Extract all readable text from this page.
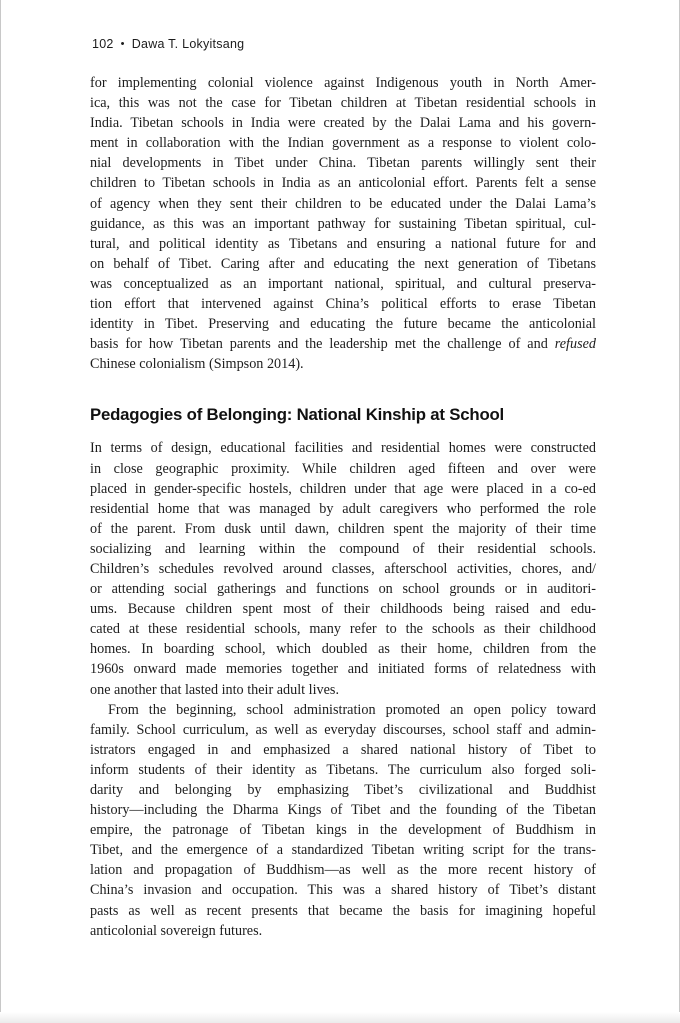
102 • Dawa T. Lokyitsang
for implementing colonial violence against Indigenous youth in North Amer-
ica, this was not the case for Tibetan children at Tibetan residential schools in
India. Tibetan schools in India were created by the Dalai Lama and his govern-
ment in collaboration with the Indian government as a response to violent colo-
nial developments in Tibet under China. Tibetan parents willingly sent their
children to Tibetan schools in India as an anticolonial effort. Parents felt a sense
of agency when they sent their children to be educated under the Dalai Lama’s
guidance, as this was an important pathway for sustaining Tibetan spiritual, cul-
tural, and political identity as Tibetans and ensuring a national future for and
on behalf of Tibet. Caring after and educating the next generation of Tibetans
was conceptualized as an important national, spiritual, and cultural preserva-
tion effort that intervened against China’s political efforts to erase Tibetan
identity in Tibet. Preserving and educating the future became the anticolonial
basis for how Tibetan parents and the leadership met the challenge of and refused
Chinese colonialism (Simpson 2014).
Pedagogies of Belonging: National Kinship at School
In terms of design, educational facilities and residential homes were constructed
in close geographic proximity. While children aged fifteen and over were
placed in gender-specific hostels, children under that age were placed in a co-ed
residential home that was managed by adult caregivers who performed the role
of the parent. From dusk until dawn, children spent the majority of their time
socializing and learning within the compound of their residential schools.
Children’s schedules revolved around classes, afterschool activities, chores, and/
or attending social gatherings and functions on school grounds or in auditori-
ums. Because children spent most of their childhoods being raised and edu-
cated at these residential schools, many refer to the schools as their childhood
homes. In boarding school, which doubled as their home, children from the
1960s onward made memories together and initiated forms of relatedness with
one another that lasted into their adult lives.
From the beginning, school administration promoted an open policy toward
family. School curriculum, as well as everyday discourses, school staff and admin-
istrators engaged in and emphasized a shared national history of Tibet to
inform students of their identity as Tibetans. The curriculum also forged soli-
darity and belonging by emphasizing Tibet’s civilizational and Buddhist
history—including the Dharma Kings of Tibet and the founding of the Tibetan
empire, the patronage of Tibetan kings in the development of Buddhism in
Tibet, and the emergence of a standardized Tibetan writing script for the trans-
lation and propagation of Buddhism—as well as the more recent history of
China’s invasion and occupation. This was a shared history of Tibet’s distant
pasts as well as recent presents that became the basis for imagining hopeful
anticolonial sovereign futures.
